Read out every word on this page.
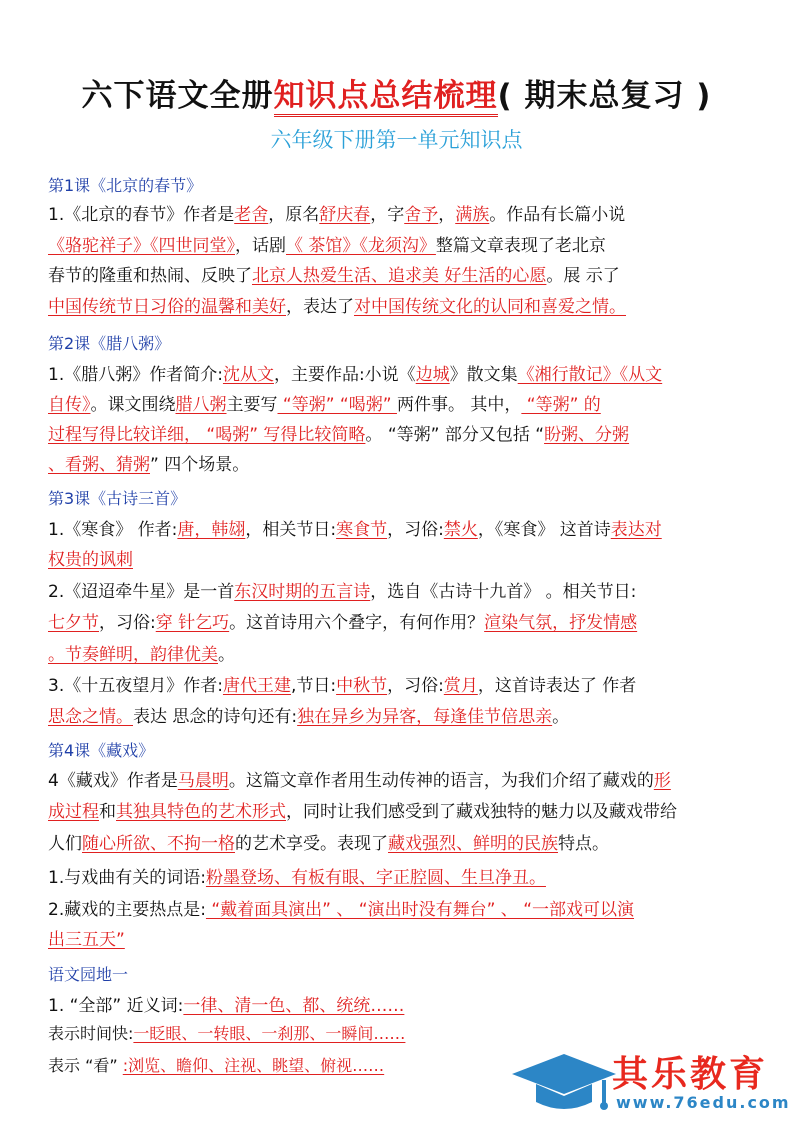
六下语文全册知识点总结梳理( 期末总复习 )
六年级下册第一单元知识点
第1课《北京的春节》
1.《北京的春节》作者是老舍，原名舒庆春，字舍予，满族。作品有长篇小说
《骆驼祥子》《四世同堂》，话剧《 茶馆》《龙须沟》整篇文章表现了老北京
春节的隆重和热闹、反映了北京人热爱生活、追求美 好生活的心愿。展 示了
中国传统节日习俗的温馨和美好，表达了对中国传统文化的认同和喜爱之情。
第2课《腊八粥》
1.《腊八粥》作者简介:沈从文，主要作品:小说《边城》散文集《湘行散记》《从文
自传》。课文围绕腊八粥主要写 “等粥” “喝粥” 两件事。 其中， “等粥” 的
过程写得比较详细， “喝粥” 写得比较简略。 “等粥” 部分又包括 “盼粥、分粥
、看粥、猜粥” 四个场景。
第3课《古诗三首》
1.《寒食》 作者:唐，韩翃，相关节日:寒食节，习俗:禁火，《寒食》 这首诗表达对
权贵的讽刺
2.《迢迢牵牛星》是一首东汉时期的五言诗，选自《古诗十九首》 。相关节日:
七夕节，习俗:穿 针乞巧。这首诗用六个叠字，有何作用？渲染气氛，抒发情感
。节奏鲜明，韵律优美。
3.《十五夜望月》作者:唐代王建,节日:中秋节，习俗:赏月，这首诗表达了 作者
思念之情。表达 思念的诗句还有:独在异乡为异客，每逢佳节倍思亲。
第4课《藏戏》
4《藏戏》作者是马晨明。这篇文章作者用生动传神的语言，为我们介绍了藏戏的形
成过程和其独具特色的艺术形式，同时让我们感受到了藏戏独特的魅力以及藏戏带给
人们随心所欲、不拘一格的艺术享受。表现了藏戏强烈、鲜明的民族特点。
1.与戏曲有关的词语:粉墨登场、有板有眼、字正腔圆、生旦净丑。
2.藏戏的主要热点是: “戴着面具演出” 、 “演出时没有舞台” 、 “一部戏可以演
出三五天”
语文园地一
1. “全部” 近义词:一律、清一色、都、统统……
表示时间快:一眨眼、一转眼、一刹那、一瞬间……
表示 “看” :浏览、瞻仰、注视、眺望、俯视……	其乐教育
www.76edu.com
